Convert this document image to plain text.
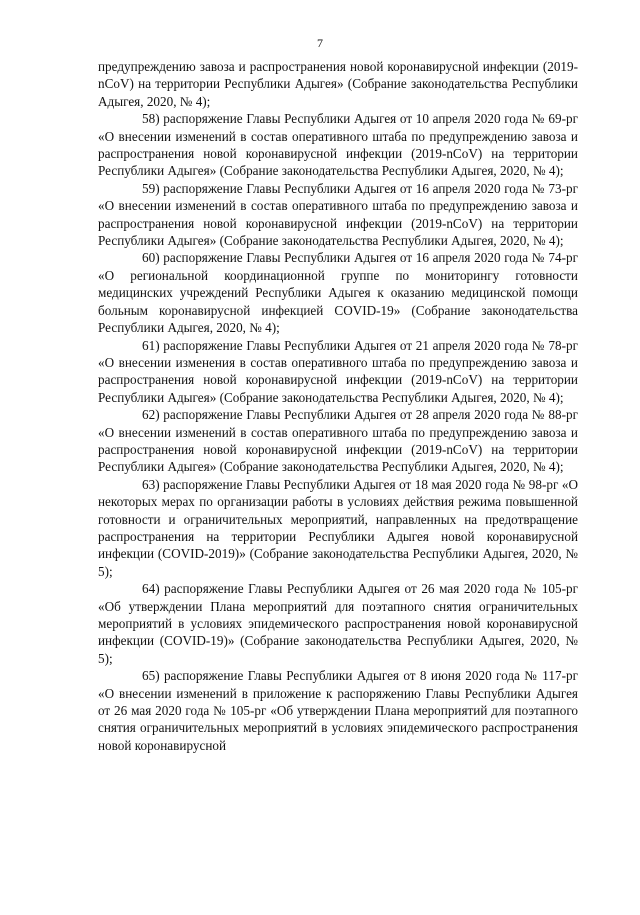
7

предупреждению завоза и распространения новой коронавирусной инфекции (2019-nCoV) на территории Республики Адыгея» (Собрание законодательства Республики Адыгея, 2020, № 4);

58) распоряжение Главы Республики Адыгея от 10 апреля 2020 года № 69-рг «О внесении изменений в состав оперативного штаба по предупреждению завоза и распространения новой коронавирусной инфекции (2019-nCoV) на территории Республики Адыгея» (Собрание законодательства Республики Адыгея, 2020, № 4);

59) распоряжение Главы Республики Адыгея от 16 апреля 2020 года № 73-рг «О внесении изменений в состав оперативного штаба по предупреждению завоза и распространения новой коронавирусной инфекции (2019-nCoV) на территории Республики Адыгея» (Собрание законодательства Республики Адыгея, 2020, № 4);

60) распоряжение Главы Республики Адыгея от 16 апреля 2020 года № 74-рг «О региональной координационной группе по мониторингу готовности медицинских учреждений Республики Адыгея к оказанию медицинской помощи больным коронавирусной инфекцией COVID-19» (Собрание законодательства Республики Адыгея, 2020, № 4);

61) распоряжение Главы Республики Адыгея от 21 апреля 2020 года № 78-рг «О внесении изменения в состав оперативного штаба по предупреждению завоза и распространения новой коронавирусной инфекции (2019-nCoV) на территории Республики Адыгея» (Собрание законодательства Республики Адыгея, 2020, № 4);

62) распоряжение Главы Республики Адыгея от 28 апреля 2020 года № 88-рг «О внесении изменений в состав оперативного штаба по предупреждению завоза и распространения новой коронавирусной инфекции (2019-nCoV) на территории Республики Адыгея» (Собрание законодательства Республики Адыгея, 2020, № 4);

63) распоряжение Главы Республики Адыгея от 18 мая 2020 года № 98-рг «О некоторых мерах по организации работы в условиях действия режима повышенной готовности и ограничительных мероприятий, направленных на предотвращение распространения на территории Республики Адыгея новой коронавирусной инфекции (COVID-2019)» (Собрание законодательства Республики Адыгея, 2020, № 5);

64) распоряжение Главы Республики Адыгея от 26 мая 2020 года № 105-рг «Об утверждении Плана мероприятий для поэтапного снятия ограничительных мероприятий в условиях эпидемического распространения новой коронавирусной инфекции (COVID-19)» (Собрание законодательства Республики Адыгея, 2020, № 5);

65) распоряжение Главы Республики Адыгея от 8 июня 2020 года № 117-рг «О внесении изменений в приложение к распоряжению Главы Республики Адыгея от 26 мая 2020 года № 105-рг «Об утверждении Плана мероприятий для поэтапного снятия ограничительных мероприятий в условиях эпидемического распространения новой коронавирусной
